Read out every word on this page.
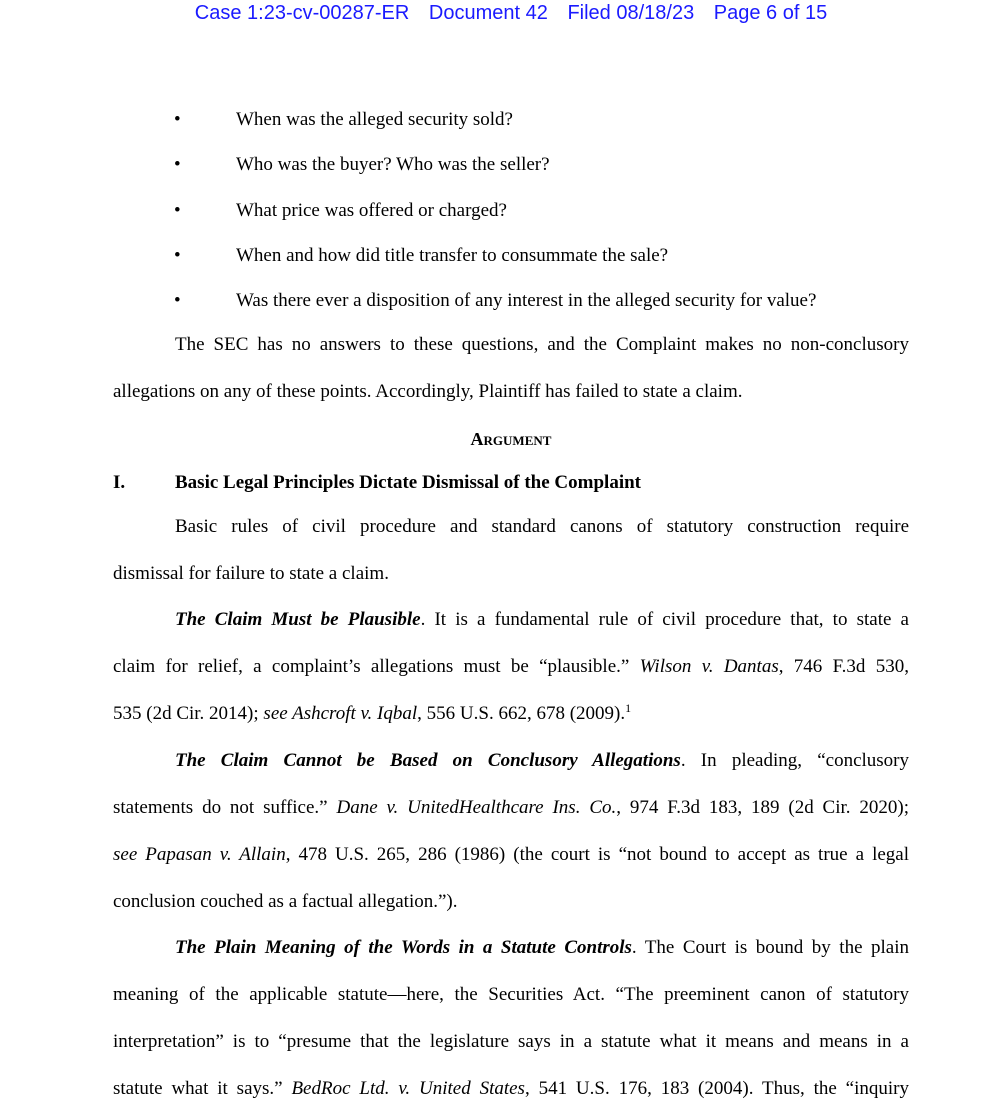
Case 1:23-cv-00287-ER Document 42 Filed 08/18/23 Page 6 of 15
•	When was the alleged security sold?
•	Who was the buyer? Who was the seller?
•	What price was offered or charged?
•	When and how did title transfer to consummate the sale?
•	Was there ever a disposition of any interest in the alleged security for value?
The SEC has no answers to these questions, and the Complaint makes no non-conclusory
allegations on any of these points. Accordingly, Plaintiff has failed to state a claim.
Argument
I.	Basic Legal Principles Dictate Dismissal of the Complaint
Basic rules of civil procedure and standard canons of statutory construction require
dismissal for failure to state a claim.
The Claim Must be Plausible. It is a fundamental rule of civil procedure that, to state a
claim for relief, a complaint’s allegations must be “plausible.” Wilson v. Dantas, 746 F.3d 530,
535 (2d Cir. 2014); see Ashcroft v. Iqbal, 556 U.S. 662, 678 (2009).$^1$
The Claim Cannot be Based on Conclusory Allegations. In pleading, “conclusory
statements do not suffice.” Dane v. UnitedHealthcare Ins. Co., 974 F.3d 183, 189 (2d Cir. 2020);
see Papasan v. Allain, 478 U.S. 265, 286 (1986) (the court is “not bound to accept as true a legal
conclusion couched as a factual allegation.”).
The Plain Meaning of the Words in a Statute Controls. The Court is bound by the plain
meaning of the applicable statute—here, the Securities Act. “The preeminent canon of statutory
interpretation” is to “presume that the legislature says in a statute what it means and means in a
statute what it says.” BedRoc Ltd. v. United States, 541 U.S. 176, 183 (2004). Thus, the “inquiry
